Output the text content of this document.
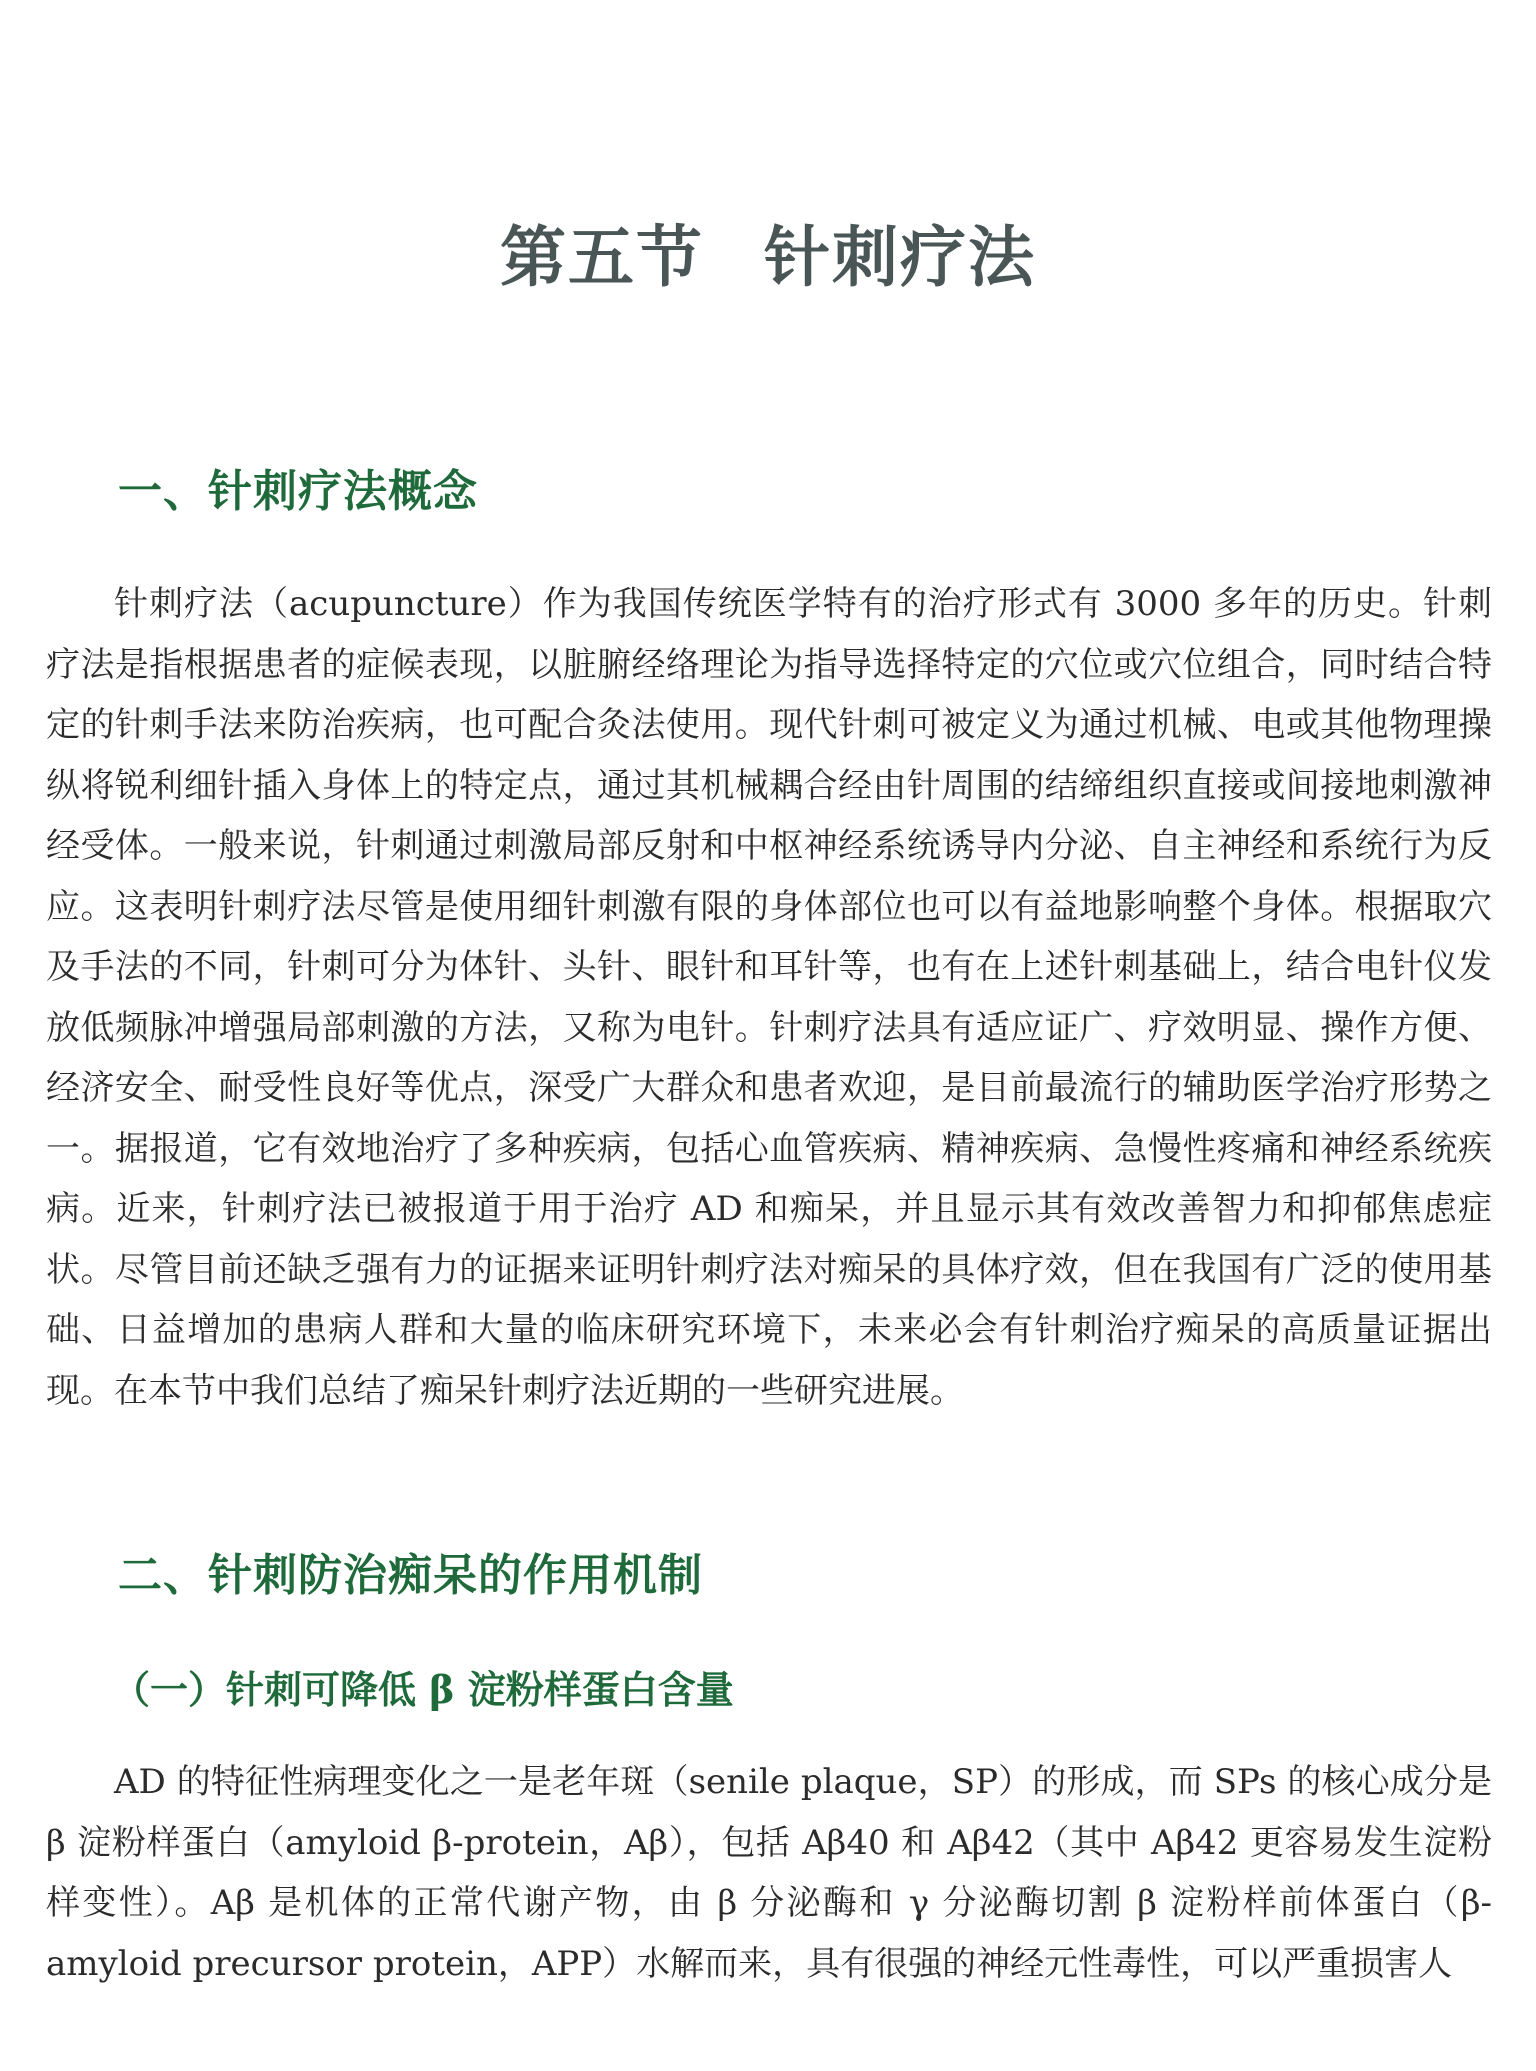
第五节 针刺疗法
一、针刺疗法概念

针刺疗法（acupuncture）作为我国传统医学特有的治疗形式有 3000 多年的历史。针刺疗法是指根据患者的症候表现，以脏腑经络理论为指导选择特定的穴位或穴位组合，同时结合特定的针刺手法来防治疾病，也可配合灸法使用。现代针刺可被定义为通过机械、电或其他物理操纵将锐利细针插入身体上的特定点，通过其机械耦合经由针周围的结缔组织直接或间接地刺激神经受体。一般来说，针刺通过刺激局部反射和中枢神经系统诱导内分泌、自主神经和系统行为反应。这表明针刺疗法尽管是使用细针刺激有限的身体部位也可以有益地影响整个身体。根据取穴及手法的不同，针刺可分为体针、头针、眼针和耳针等，也有在上述针刺基础上，结合电针仪发放低频脉冲增强局部刺激的方法，又称为电针。针刺疗法具有适应证广、疗效明显、操作方便、经济安全、耐受性良好等优点，深受广大群众和患者欢迎，是目前最流行的辅助医学治疗形势之一。据报道，它有效地治疗了多种疾病，包括心血管疾病、精神疾病、急慢性疼痛和神经系统疾病。近来，针刺疗法已被报道于用于治疗 AD 和痴呆，并且显示其有效改善智力和抑郁焦虑症状。尽管目前还缺乏强有力的证据来证明针刺疗法对痴呆的具体疗效，但在我国有广泛的使用基础、日益增加的患病人群和大量的临床研究环境下，未来必会有针刺治疗痴呆的高质量证据出现。在本节中我们总结了痴呆针刺疗法近期的一些研究进展。

二、针刺防治痴呆的作用机制
（一）针刺可降低 β 淀粉样蛋白含量

AD 的特征性病理变化之一是老年斑（senile plaque，SP）的形成，而 SPs 的核心成分是 β 淀粉样蛋白（amyloid β-protein，Aβ），包括 Aβ40 和 Aβ42（其中 Aβ42 更容易发生淀粉样变性）。Aβ 是机体的正常代谢产物，由 β 分泌酶和 γ 分泌酶切割 β 淀粉样前体蛋白（β-amyloid precursor protein，APP）水解而来，具有很强的神经元性毒性，可以严重损害人
